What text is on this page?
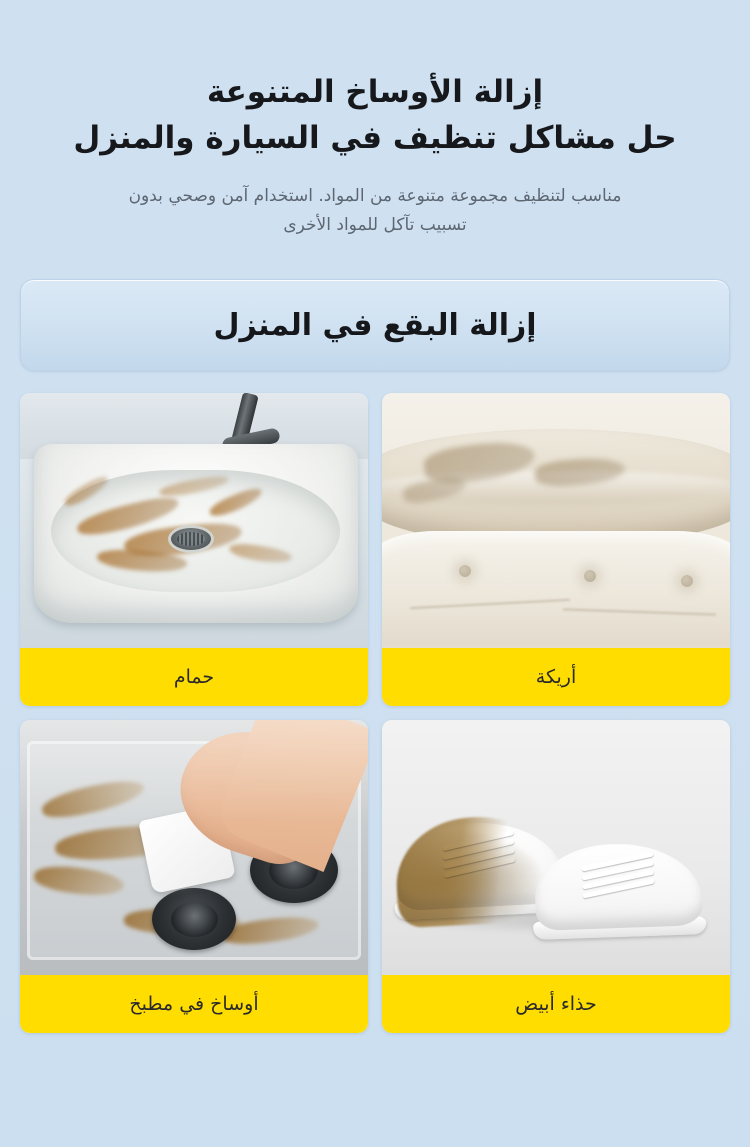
إزالة الأوساخ المتنوعة
حل مشاكل تنظيف في السيارة والمنزل
مناسب لتنظيف مجموعة متنوعة من المواد. استخدام آمن وصحي بدون تسبيب تآكل للمواد الأخرى
إزالة البقع في المنزل
أريكة
حمام
حذاء أبيض
أوساخ في مطبخ
